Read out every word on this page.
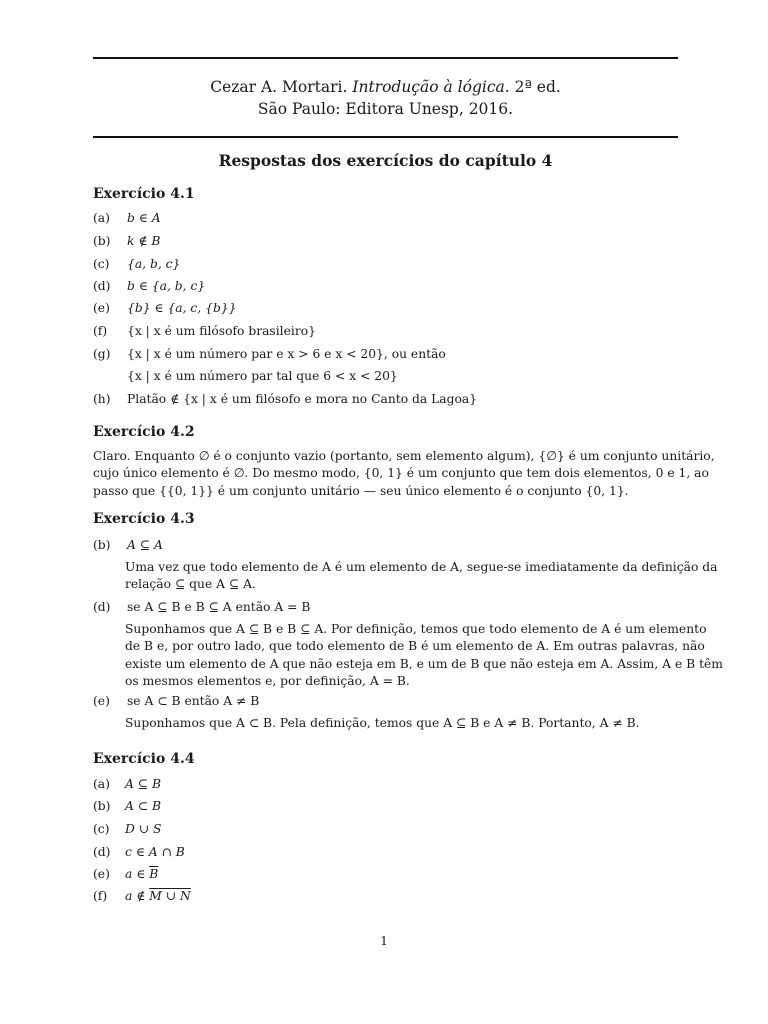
Cezar A. Mortari. Introdução à lógica. 2ª ed.
São Paulo: Editora Unesp, 2016.
Respostas dos exercícios do capítulo 4
Exercício 4.1
(a) b ∈ A
(b) k ∉ B
(c) {a, b, c}
(d) b ∈ {a, b, c}
(e) {b} ∈ {a, c, {b}}
(f) {x | x é um filósofo brasileiro}
(g) {x | x é um número par e x > 6 e x < 20}, ou então
{x | x é um número par tal que 6 < x < 20}
(h) Platão ∉ {x | x é um filósofo e mora no Canto da Lagoa}
Exercício 4.2
Claro. Enquanto ∅ é o conjunto vazio (portanto, sem elemento algum), {∅} é um conjunto unitário,
cujo único elemento é ∅. Do mesmo modo, {0, 1} é um conjunto que tem dois elementos, 0 e 1, ao
passo que {{0, 1}} é um conjunto unitário — seu único elemento é o conjunto {0, 1}.
Exercício 4.3
(b) A ⊆ A
Uma vez que todo elemento de A é um elemento de A, segue-se imediatamente da definição da
relação ⊆ que A ⊆ A.
(d) se A ⊆ B e B ⊆ A então A = B
Suponhamos que A ⊆ B e B ⊆ A. Por definição, temos que todo elemento de A é um elemento
de B e, por outro lado, que todo elemento de B é um elemento de A. Em outras palavras, não
existe um elemento de A que não esteja em B, e um de B que não esteja em A. Assim, A e B têm
os mesmos elementos e, por definição, A = B.
(e) se A ⊂ B então A ≠ B
Suponhamos que A ⊂ B. Pela definição, temos que A ⊆ B e A ≠ B. Portanto, A ≠ B.
Exercício 4.4
(a) A ⊆ B
(b) A ⊂ B
(c) D ∪ S
(d) c ∈ A ∩ B
(e) a ∈ $\overline{B}$
(f) a ∉ M ∪ N
1
